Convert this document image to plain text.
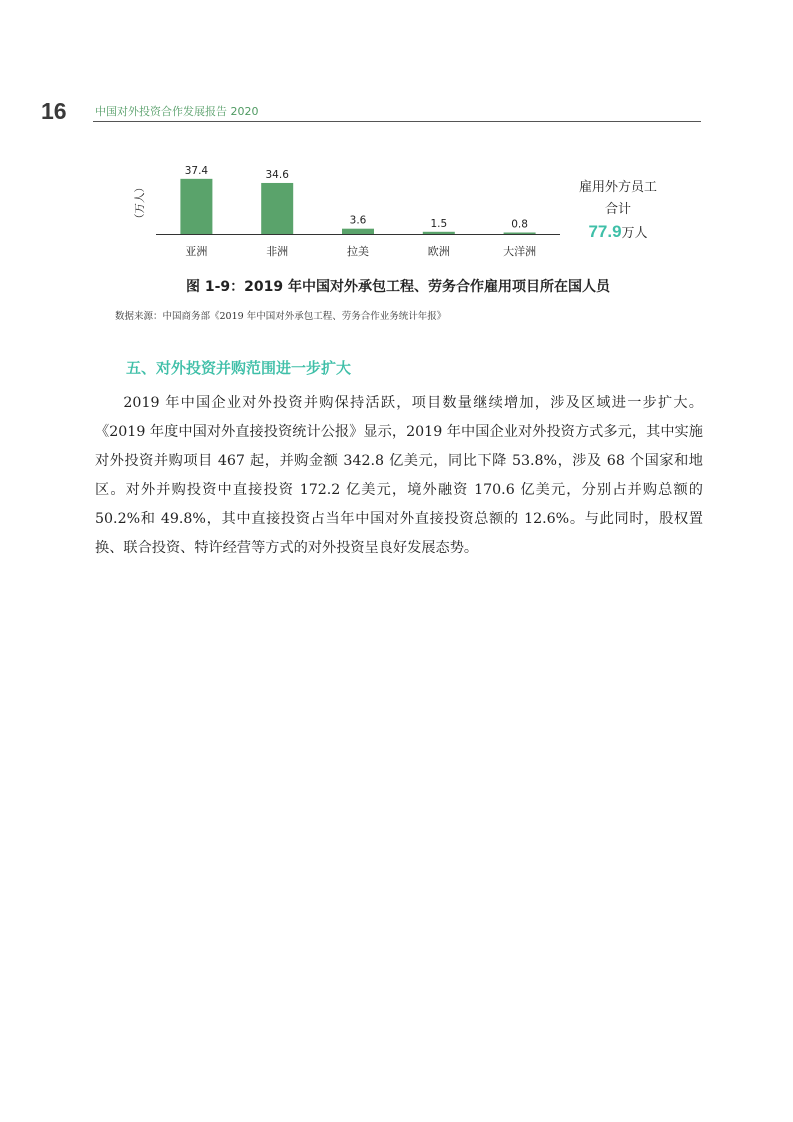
16	中国对外投资合作发展报告 2020
37.4
亚洲
34.6
非洲
3.6
拉美
1.5
欧洲
0.8
大洋洲
（万人）	雇用外方员工
合计
77.9万人
图 1-9：2019 年中国对外承包工程、劳务合作雇用项目所在国人员
数据来源：中国商务部《2019 年中国对外承包工程、劳务合作业务统计年报》
五、对外投资并购范围进一步扩大

2019 年中国企业对外投资并购保持活跃，项目数量继续增加，涉及区域进一步扩大。《2019 年度中国对外直接投资统计公报》显示，2019 年中国企业对外投资方式多元，其中实施对外投资并购项目 467 起，并购金额 342.8 亿美元，同比下降 53.8%，涉及 68 个国家和地区。对外并购投资中直接投资 172.2 亿美元，境外融资 170.6 亿美元，分别占并购总额的 50.2%和 49.8%，其中直接投资占当年中国对外直接投资总额的 12.6%。与此同时，股权置换、联合投资、特许经营等方式的对外投资呈良好发展态势。
